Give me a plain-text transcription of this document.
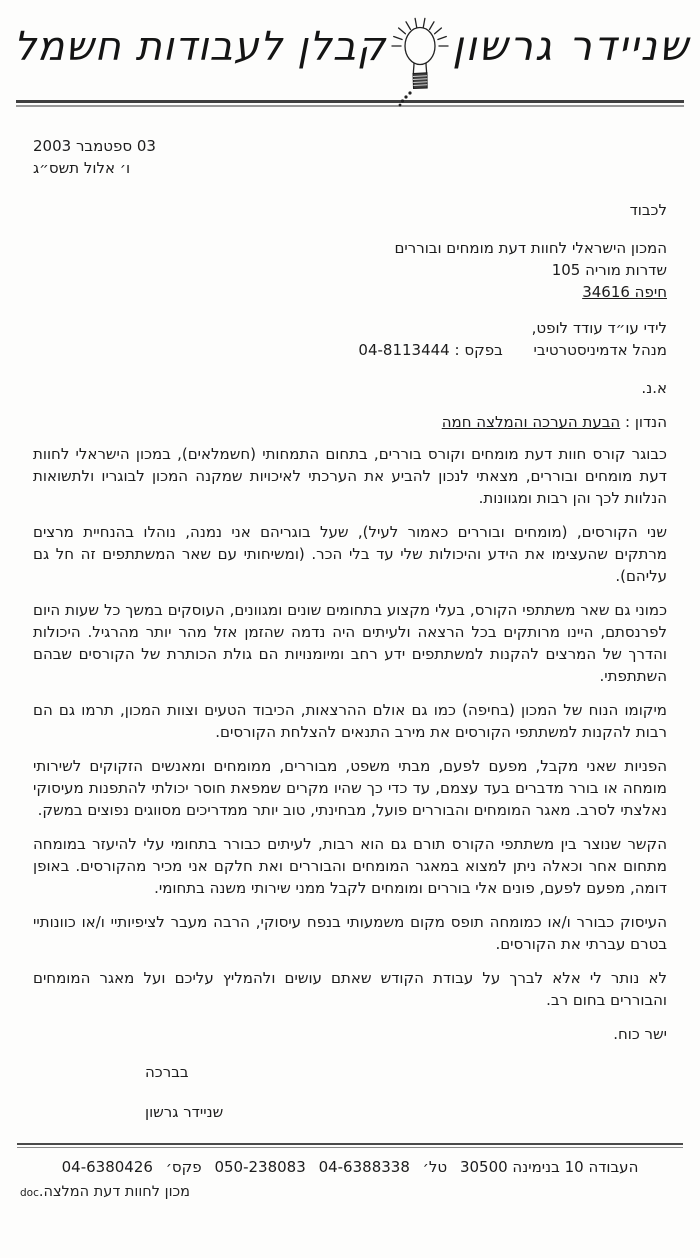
שניידר גרשון
קבלן לעבודות חשמל
03 ספטמבר 2003
ו׳ אלול תשס״ג
לכבוד
המכון הישראלי לחוות דעת מומחים ובוררים
שדרות מוריה 105
חיפה 34616
לידי עו״ד עודד לופט,
מנהל אדמיניסטרטיבי בפקס : 04-8113444
א.נ.
הנדון : הבעת הערכה והמלצה חמה

כבוגר קורס חוות דעת מומחים וקורס בוררים, בתחום התמחותי (חשמלאים), במכון הישראלי לחוות דעת מומחים ובוררים, מצאתי לנכון להביע את הערכתי לאיכויות שמקנה המכון לבוגריו ולתשואות הנלוות לכך והן רבות ומגוונות.

שני הקורסים, (מומחים ובוררים כאמור לעיל), שעל בוגריהם אני נמנה, נוהלו בהנחיית מרצים מרתקים שהעצימו את הידע והיכולות שלי עד בלי הכר. (ומשיחותי עם שאר המשתתפים זה חל גם עליהם).

כמוני גם שאר משתתפי הקורס, בעלי מקצוע בתחומים שונים ומגוונים, העוסקים במשך כל שעות היום לפרנסתם, היינו מרותקים בכל הרצאה ולעיתים היה נדמה שהזמן אזל מהר יותר מהרגיל. היכולות והדרך של המרצים להקנות למשתתפים ידע רחב ומיומנויות הם גולת הכותרת של הקורסים שבהם השתתפתי.

מיקומו הנוח של המכון (בחיפה) כמו גם אולם ההרצאות, הכיבוד הטעים וצוות המכון, תרמו גם הם רבות להקנות למשתתפי הקורסים את מירב התנאים להצלחת הקורסים.

הפניות שאני מקבל, מפעם לפעם, מבתי משפט, מבוררים, ממומחים ומאנשים הזקוקים לשירותי מומחה או בורר מדברים בעד עצמם, עד כדי כך שהיו מקרים שמפאת חוסר יכולתי להתפנות מעיסוקי נאלצתי לסרב. מאגר המומחים והבוררים פועל, מבחינתי, טוב יותר ממדריכים מסווגים נפוצים במשק.

הקשר שנוצר בין משתתפי הקורס תורם גם הוא רבות, לעיתים כבורר בתחומי עלי להיעזר במומחה מתחום אחר וכאלה ניתן למצוא במאגר המומחים והבוררים ואת חלקם אני מכיר מהקורסים. באופן דומה, מפעם לפעם, פונים אלי בוררים ומומחים לקבל ממני שירותי משנה בתחומי.

העיסוק כבורר ו/או כמומחה תופס מקום משמעותי בנפח עיסוקי, הרבה מעבר לציפיותיי ו/או כוונותיי בטרם עברתי את הקורסים.

לא נותר לי אלא לברך על עבודת הקודש שאתם עושים ולהמליץ עליכם ועל מאגר המומחים והבוררים בחום רב.

ישר כוח.
בברכה
שניידר גרשון
העבודה 10 בנימינה 30500 טל׳ 04-6388338 050-238083 פקס׳ 04-6380426
docמכון לחוות דעת המלצה.
